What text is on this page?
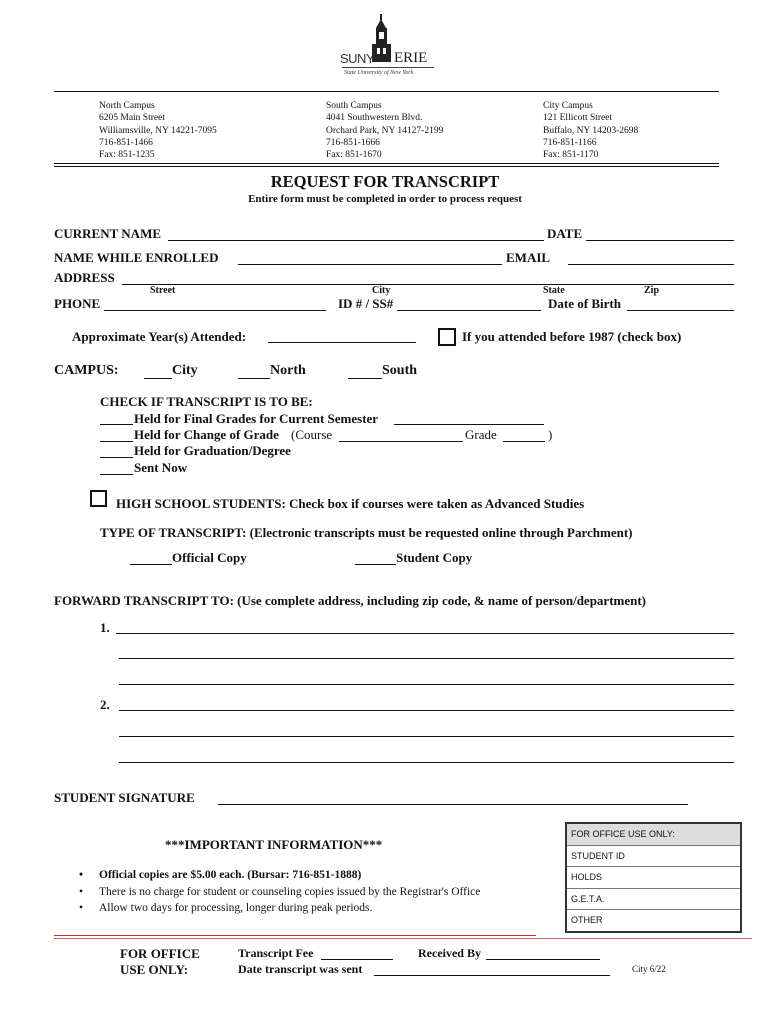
SUNY ERIE
State University of New York
North Campus
6205 Main Street
Williamsville, NY 14221-7095
716-851-1466
Fax: 851-1235
South Campus
4041 Southwestern Blvd.
Orchard Park, NY 14127-2199
716-851-1666
Fax: 851-1670
City Campus
121 Ellicott Street
Buffalo, NY 14203-2698
716-851-1166
Fax: 851-1170
REQUEST FOR TRANSCRIPT
Entire form must be completed in order to process request
CURRENT NAME	DATE
NAME WHILE ENROLLED	EMAIL
ADDRESS
Street	City	State	Zip
PHONE	ID # / SS#	Date of Birth
Approximate Year(s) Attended:	If you attended before 1987 (check box)
CAMPUS:	City	North	South
CHECK IF TRANSCRIPT IS TO BE:
Held for Final Grades for Current Semester
Held for Change of Grade (Course	Grade	)
Held for Graduation/Degree
Sent Now
HIGH SCHOOL STUDENTS: Check box if courses were taken as Advanced Studies
TYPE OF TRANSCRIPT: (Electronic transcripts must be requested online through Parchment)
Official Copy	Student Copy
FORWARD TRANSCRIPT TO: (Use complete address, including zip code, & name of person/department)
1.
2.
STUDENT SIGNATURE
***IMPORTANT INFORMATION***
• Official copies are $5.00 each. (Bursar: 716-851-1888)
• There is no charge for student or counseling copies issued by the Registrar's Office
• Allow two days for processing, longer during peak periods.
FOR OFFICE USE ONLY:
STUDENT ID
HOLDS
G.E.T.A.
OTHER
FOR OFFICE
USE ONLY:
Transcript Fee	Received By
Date transcript was sent	City 6/22
